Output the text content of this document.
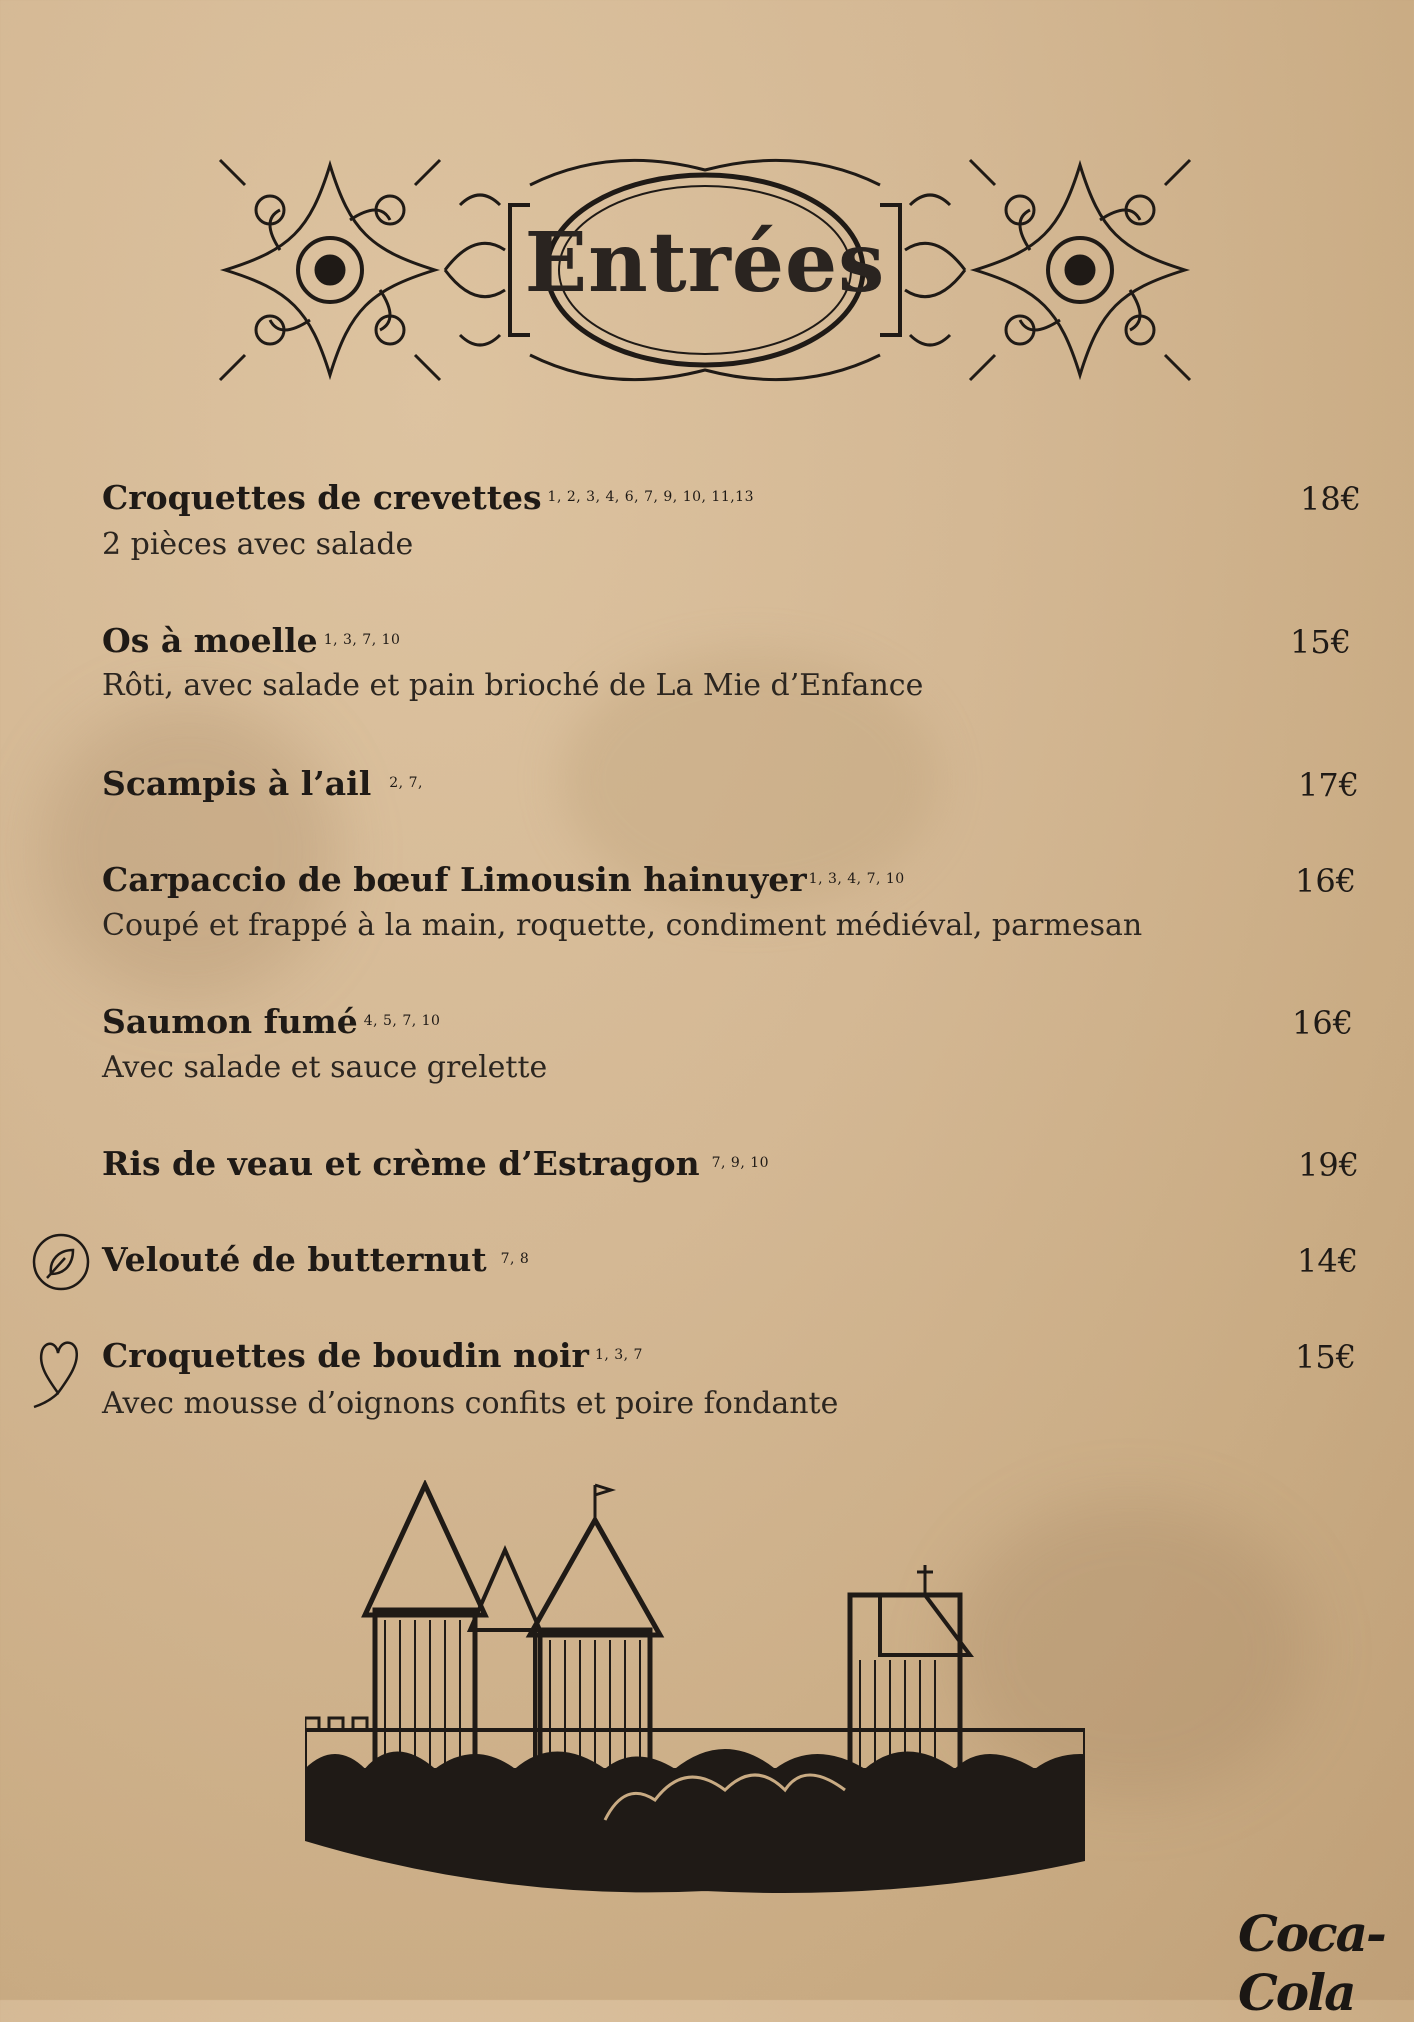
Entrées
Croquettes de crevettes $^{1, 2, 3, 4, 6, 7, 9, 10, 11,13}$	18€
2 pièces avec salade
Os à moelle $^{1, 3, 7, 10}$	15€
Rôti, avec salade et pain brioché de La Mie d’Enfance
Scampis à l’ail $^{2, 7,}$	17€
Carpaccio de bœuf Limousin hainuyer $^{1, 3, 4, 7, 10}$	16€
Coupé et frappé à la main, roquette, condiment médiéval, parmesan
Saumon fumé $^{4, 5, 7, 10}$	16€
Avec salade et sauce grelette
Ris de veau et crème d’Estragon $^{7, 9, 10}$	19€
Velouté de butternut $^{7, 8}$	14€
Croquettes de boudin noir $^{1, 3, 7}$	15€
Avec mousse d’oignons confits et poire fondante
Coca-Cola
